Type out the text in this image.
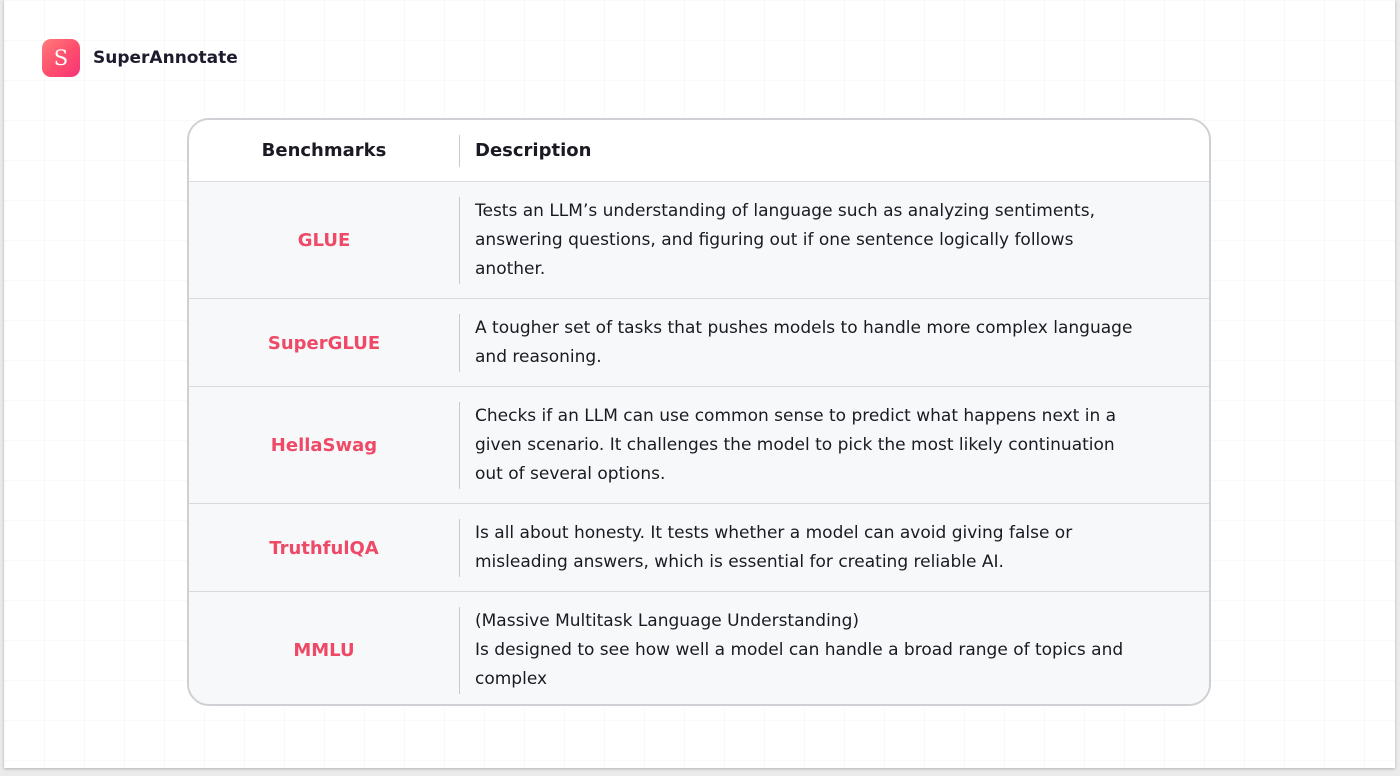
S	SuperAnnotate
Benchmarks	Description
GLUE
Tests an LLM’s understanding of language such as analyzing sentiments,
answering questions, and figuring out if one sentence logically follows
another.
SuperGLUE
A tougher set of tasks that pushes models to handle more complex language
and reasoning.
HellaSwag
Checks if an LLM can use common sense to predict what happens next in a
given scenario. It challenges the model to pick the most likely continuation
out of several options.
TruthfulQA
Is all about honesty. It tests whether a model can avoid giving false or
misleading answers, which is essential for creating reliable AI.
MMLU
(Massive Multitask Language Understanding)
Is designed to see how well a model can handle a broad range of topics and
complex
